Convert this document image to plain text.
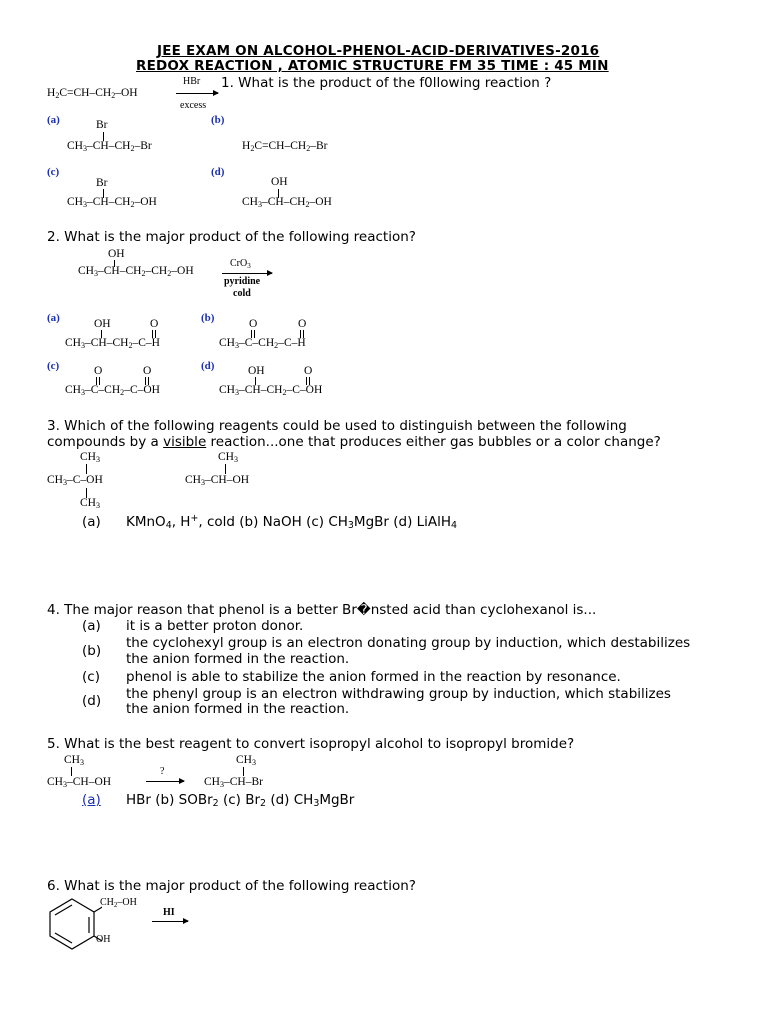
JEE EXAM ON ALCOHOL-PHENOL-ACID-DERIVATIVES-2016
REDOX REACTION , ATOMIC STRUCTURE FM 35 TIME : 45 MIN
$H_2C=CH-CH_2-OH$
HBr
excess
1. What is the product of the f0llowing reaction ?
(a)	Br
$CH_3-CH-CH_2-Br$
(b)
$H_2C=CH-CH_2-Br$
(c)
Br
$CH_3-CH-CH_2-OH$
(d)
OH
$CH_3-CH-CH_2-OH$
2. What is the major product of the following reaction?
OH
$CH_3-CH-CH_2-CH_2-OH$
CrO$_3$
pyridine
cold
(a)	OH	O
$CH_3-CH-CH_2-C-H$
(b)	O	O
$CH_3-C-CH_2-C-H$
(c)	O	O
$CH_3-C-CH_2-C-OH$
(d)	OH	O
$CH_3-CH-CH_2-C-OH$
3. Which of the following reagents could be used to distinguish between the following
compounds by a visible reaction...one that produces either gas bubbles or a color change?
$CH_3$
$CH_3-C-OH$
$CH_3$
$CH_3$
$CH_3-CH-OH$
(a) KMnO$_4$, H+, cold (b) NaOH (c) $CH_3MgBr$ (d) LiAlH$_4$
4. The major reason that phenol is a better Br�nsted acid than cyclohexanol is...
(a) it is a better proton donor.
(b) the cyclohexyl group is an electron donating group by induction, which destabilizes
the anion formed in the reaction.
(c) phenol is able to stabilize the anion formed in the reaction by resonance.
(d) the phenyl group is an electron withdrawing group by induction, which stabilizes
the anion formed in the reaction.
5. What is the best reagent to convert isopropyl alcohol to isopropyl bromide?
$CH_3$
$CH_3-CH-OH$
?
$CH_3$
$CH_3-CH-Br$
(a) HBr (b) SOBr$_2$ (c) $Br_2$ (d) $CH_3MgBr$
6. What is the major product of the following reaction?
$CH_2-OH$
OH
HI
